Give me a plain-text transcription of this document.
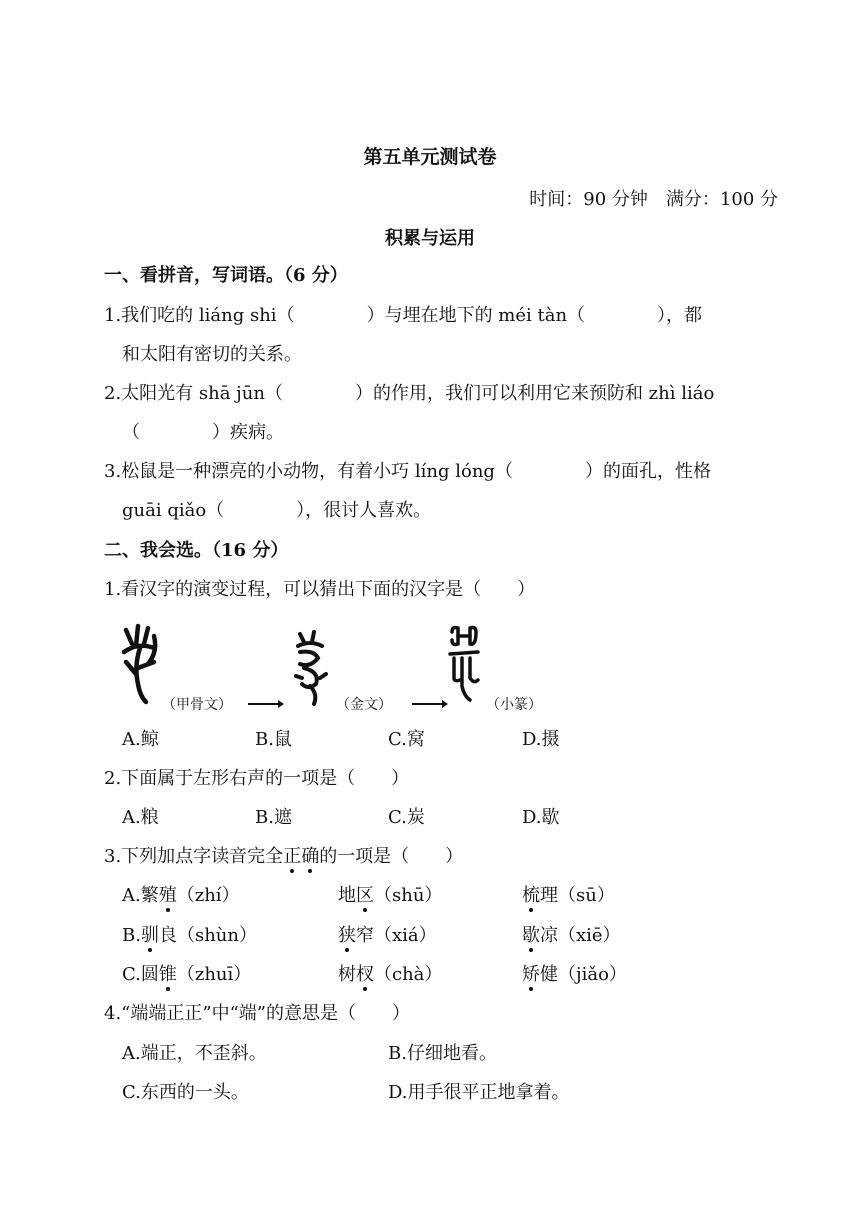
第五单元测试卷
时间：90 分钟　满分：100 分
积累与运用
一、看拼音，写词语。（6 分）
1.我们吃的 liáng shi（　　　　）与埋在地下的 méi tàn（　　　　），都
和太阳有密切的关系。
2.太阳光有 shā jūn（　　　　）的作用，我们可以利用它来预防和 zhì liáo
（　　　　）疾病。
3.松鼠是一种漂亮的小动物，有着小巧 líng lóng（　　　　）的面孔，性格
guāi qiǎo（　　　　），很讨人喜欢。
二、我会选。（16 分）
1.看汉字的演变过程，可以猜出下面的汉字是（　　）
（甲骨文）	（金文）	（小篆）
A.鲸	B.鼠	C.窝	D.摄
2.下面属于左形右声的一项是（　　）
A.粮	B.遮	C.炭	D.歇
3.下列加点字读音完全正确的一项是（　　）
A.繁殖（zhí）	地区（shū）	梳理（sū）
B.驯良（shùn）	狭窄（xiá）	歇凉（xiē）
C.圆锥（zhuī）	树杈（chà）	矫健（jiǎo）
4.“端端正正”中“端”的意思是（　　）
A.端正，不歪斜。	B.仔细地看。
C.东西的一头。	D.用手很平正地拿着。
